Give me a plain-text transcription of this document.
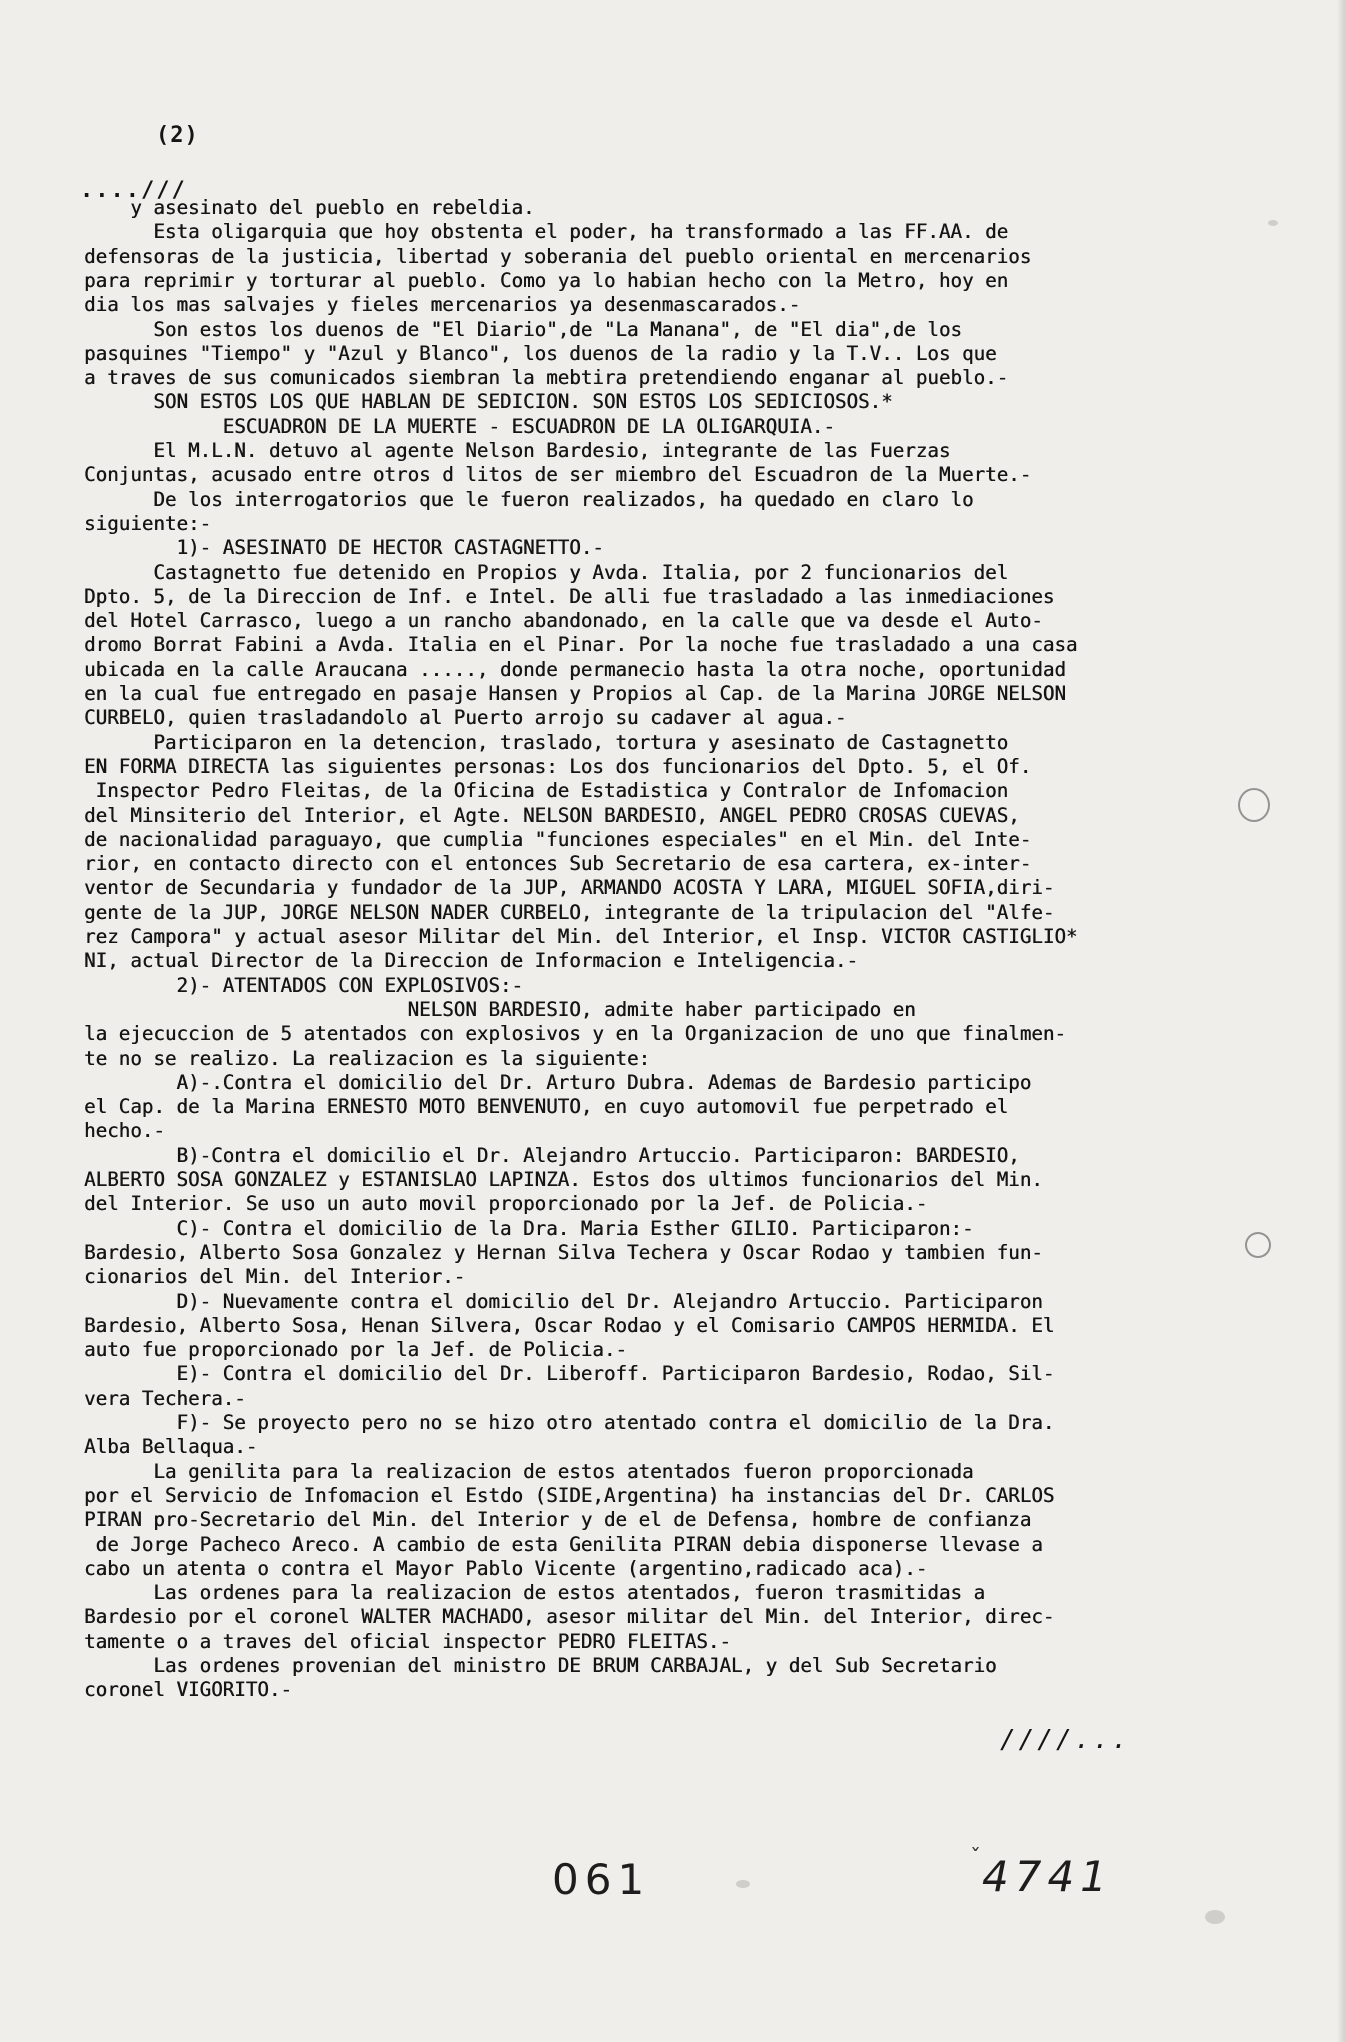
(2)
....///
y asesinato del pueblo en rebeldia.
Esta oligarquia que hoy obstenta el poder, ha transformado a las FF.AA. de
defensoras de la justicia, libertad y soberania del pueblo oriental en mercenarios
para reprimir y torturar al pueblo. Como ya lo habian hecho con la Metro, hoy en
dia los mas salvajes y fieles mercenarios ya desenmascarados.-
Son estos los duenos de "El Diario",de "La Manana", de "El dia",de los
pasquines "Tiempo" y "Azul y Blanco", los duenos de la radio y la T.V.. Los que
a traves de sus comunicados siembran la mebtira pretendiendo enganar al pueblo.-
SON ESTOS LOS QUE HABLAN DE SEDICION. SON ESTOS LOS SEDICIOSOS.*
ESCUADRON DE LA MUERTE - ESCUADRON DE LA OLIGARQUIA.-
El M.L.N. detuvo al agente Nelson Bardesio, integrante de las Fuerzas
Conjuntas, acusado entre otros d litos de ser miembro del Escuadron de la Muerte.-
De los interrogatorios que le fueron realizados, ha quedado en claro lo
siguiente:-
1)- ASESINATO DE HECTOR CASTAGNETTO.-
Castagnetto fue detenido en Propios y Avda. Italia, por 2 funcionarios del
Dpto. 5, de la Direccion de Inf. e Intel. De alli fue trasladado a las inmediaciones
del Hotel Carrasco, luego a un rancho abandonado, en la calle que va desde el Auto-
dromo Borrat Fabini a Avda. Italia en el Pinar. Por la noche fue trasladado a una casa
ubicada en la calle Araucana ....., donde permanecio hasta la otra noche, oportunidad
en la cual fue entregado en pasaje Hansen y Propios al Cap. de la Marina JORGE NELSON
CURBELO, quien trasladandolo al Puerto arrojo su cadaver al agua.-
Participaron en la detencion, traslado, tortura y asesinato de Castagnetto
EN FORMA DIRECTA las siguientes personas: Los dos funcionarios del Dpto. 5, el Of.
Inspector Pedro Fleitas, de la Oficina de Estadistica y Contralor de Infomacion
del Minsiterio del Interior, el Agte. NELSON BARDESIO, ANGEL PEDRO CROSAS CUEVAS,
de nacionalidad paraguayo, que cumplia "funciones especiales" en el Min. del Inte-
rior, en contacto directo con el entonces Sub Secretario de esa cartera, ex-inter-
ventor de Secundaria y fundador de la JUP, ARMANDO ACOSTA Y LARA, MIGUEL SOFIA,diri-
gente de la JUP, JORGE NELSON NADER CURBELO, integrante de la tripulacion del "Alfe-
rez Campora" y actual asesor Militar del Min. del Interior, el Insp. VICTOR CASTIGLIO*
NI, actual Director de la Direccion de Informacion e Inteligencia.-
2)- ATENTADOS CON EXPLOSIVOS:-
NELSON BARDESIO, admite haber participado en
la ejecuccion de 5 atentados con explosivos y en la Organizacion de uno que finalmen-
te no se realizo. La realizacion es la siguiente:
A)-.Contra el domicilio del Dr. Arturo Dubra. Ademas de Bardesio participo
el Cap. de la Marina ERNESTO MOTO BENVENUTO, en cuyo automovil fue perpetrado el
hecho.-
B)-Contra el domicilio el Dr. Alejandro Artuccio. Participaron: BARDESIO,
ALBERTO SOSA GONZALEZ y ESTANISLAO LAPINZA. Estos dos ultimos funcionarios del Min.
del Interior. Se uso un auto movil proporcionado por la Jef. de Policia.-
C)- Contra el domicilio de la Dra. Maria Esther GILIO. Participaron:-
Bardesio, Alberto Sosa Gonzalez y Hernan Silva Techera y Oscar Rodao y tambien fun-
cionarios del Min. del Interior.-
D)- Nuevamente contra el domicilio del Dr. Alejandro Artuccio. Participaron
Bardesio, Alberto Sosa, Henan Silvera, Oscar Rodao y el Comisario CAMPOS HERMIDA. El
auto fue proporcionado por la Jef. de Policia.-
E)- Contra el domicilio del Dr. Liberoff. Participaron Bardesio, Rodao, Sil-
vera Techera.-
F)- Se proyecto pero no se hizo otro atentado contra el domicilio de la Dra.
Alba Bellaqua.-
La genilita para la realizacion de estos atentados fueron proporcionada
por el Servicio de Infomacion el Estdo (SIDE,Argentina) ha instancias del Dr. CARLOS
PIRAN pro-Secretario del Min. del Interior y de el de Defensa, hombre de confianza
de Jorge Pacheco Areco. A cambio de esta Genilita PIRAN debia disponerse llevase a
cabo un atenta o contra el Mayor Pablo Vicente (argentino,radicado aca).-
Las ordenes para la realizacion de estos atentados, fueron trasmitidas a
Bardesio por el coronel WALTER MACHADO, asesor militar del Min. del Interior, direc-
tamente o a traves del oficial inspector PEDRO FLEITAS.-
Las ordenes provenian del ministro DE BRUM CARBAJAL, y del Sub Secretario
coronel VIGORITO.-
////...
061	ˇ 4741
